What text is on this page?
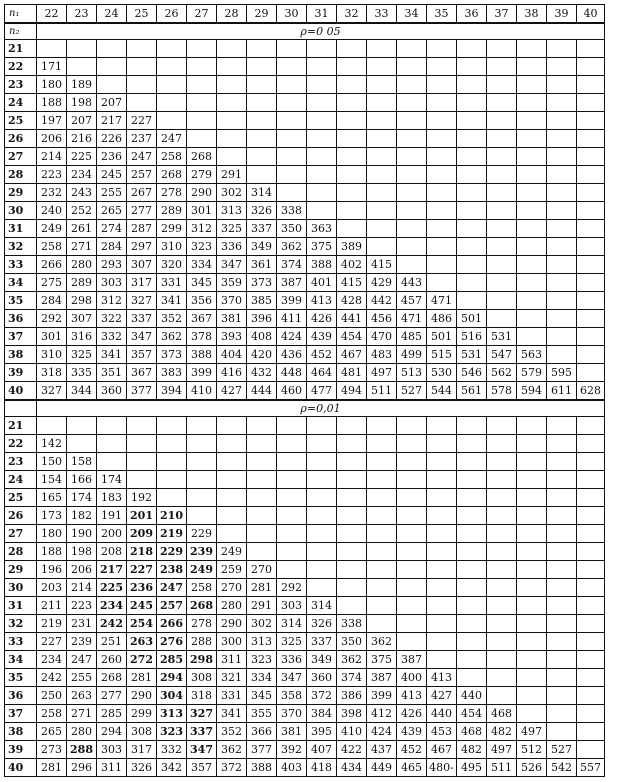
n₁	22	23	24	25	26	27	28	29	30	31	32	33	34	35	36	37	38	39	40
n₂	ρ=0 05																		
21																			
22	171																		
23	180	189																	
24	188	198	207																
25	197	207	217	227															
26	206	216	226	237	247														
27	214	225	236	247	258	268													
28	223	234	245	257	268	279	291												
29	232	243	255	267	278	290	302	314											
30	240	252	265	277	289	301	313	326	338										
31	249	261	274	287	299	312	325	337	350	363									
32	258	271	284	297	310	323	336	349	362	375	389								
33	266	280	293	307	320	334	347	361	374	388	402	415							
34	275	289	303	317	331	345	359	373	387	401	415	429	443						
35	284	298	312	327	341	356	370	385	399	413	428	442	457	471					
36	292	307	322	337	352	367	381	396	411	426	441	456	471	486	501				
37	301	316	332	347	362	378	393	408	424	439	454	470	485	501	516	531			
38	310	325	341	357	373	388	404	420	436	452	467	483	499	515	531	547	563		
39	318	335	351	367	383	399	416	432	448	464	481	497	513	530	546	562	579	595	
40	327	344	360	377	394	410	427	444	460	477	494	511	527	544	561	578	594	611	628
	ρ=0,01																		
21																			
22	142																		
23	150	158																	
24	154	166	174																
25	165	174	183	192															
26	173	182	191	201	210														
27	180	190	200	209	219	229													
28	188	198	208	218	229	239	249												
29	196	206	217	227	238	249	259	270											
30	203	214	225	236	247	258	270	281	292										
31	211	223	234	245	257	268	280	291	303	314									
32	219	231	242	254	266	278	290	302	314	326	338								
33	227	239	251	263	276	288	300	313	325	337	350	362							
34	234	247	260	272	285	298	311	323	336	349	362	375	387						
35	242	255	268	281	294	308	321	334	347	360	374	387	400	413					
36	250	263	277	290	304	318	331	345	358	372	386	399	413	427	440				
37	258	271	285	299	313	327	341	355	370	384	398	412	426	440	454	468			
38	265	280	294	308	323	337	352	366	381	395	410	424	439	453	468	482	497		
39	273	288	303	317	332	347	362	377	392	407	422	437	452	467	482	497	512	527	
40	281	296	311	326	342	357	372	388	403	418	434	449	465	480-	495	511	526	542	557
